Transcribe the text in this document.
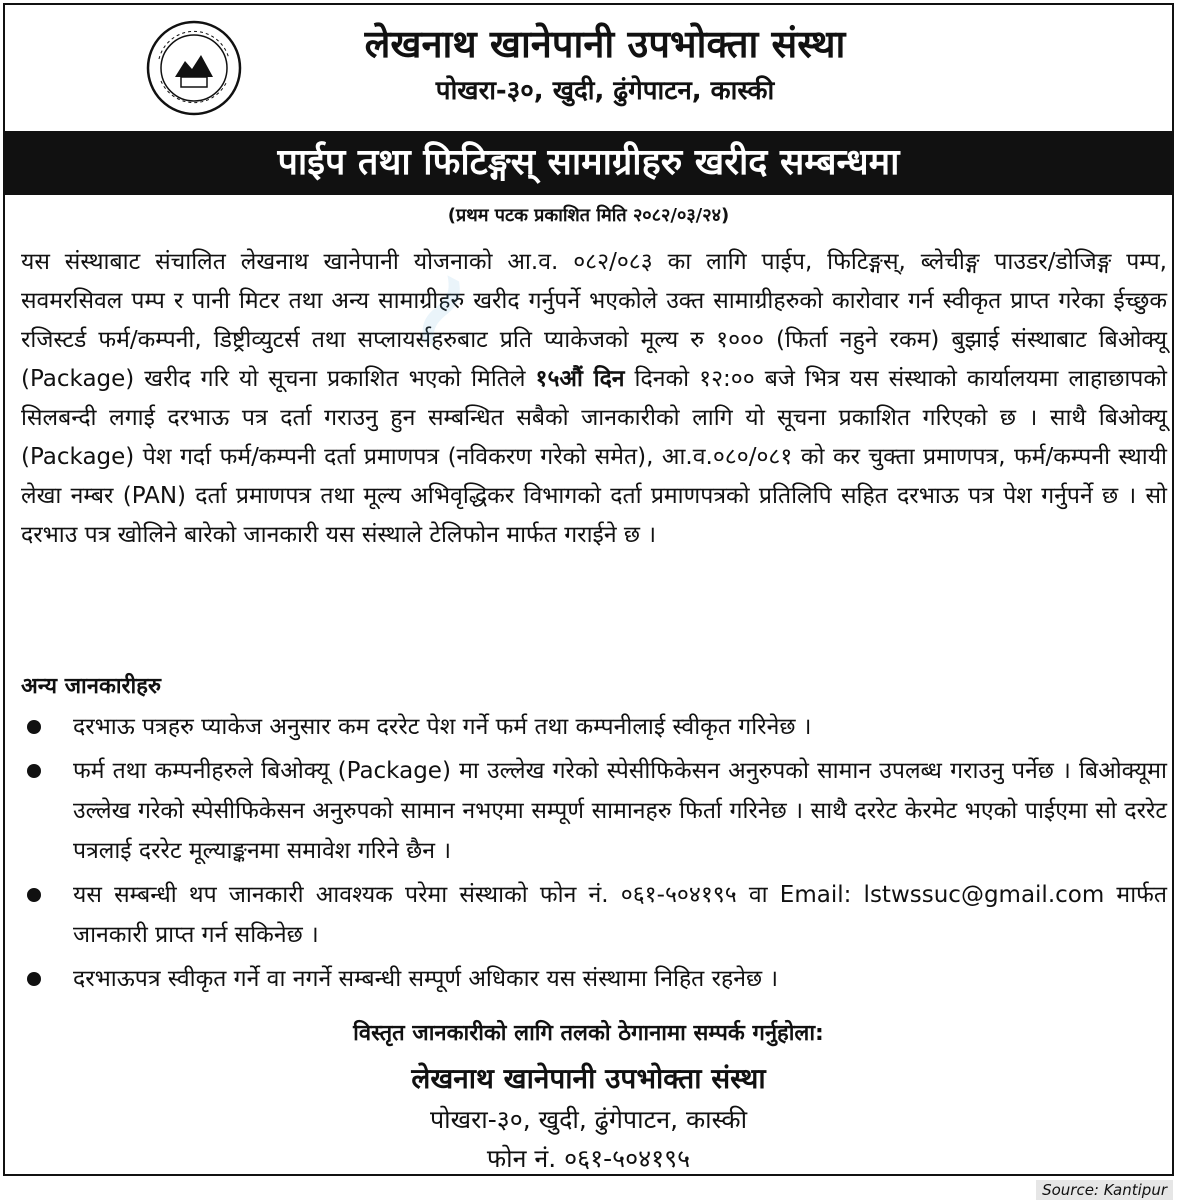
लेखनाथ खानेपानी उपभोक्ता संस्था
पोखरा-३०, खुदी, ढुंगेपाटन, कास्की
पाईप तथा फिटिङ्गस् सामाग्रीहरु खरीद सम्बन्धमा
(प्रथम पटक प्रकाशित मिति २०८२/०३/२४)

यस संस्थाबाट संचालित लेखनाथ खानेपानी योजनाको आ.व. ०८२/०८३ का लागि पाईप, फिटिङ्गस्, ब्लेचीङ्ग पाउडर/डोजिङ्ग पम्प, सवमरसिवल पम्प र पानी मिटर तथा अन्य सामाग्रीहरु खरीद गर्नुपर्ने भएकोले उक्त सामाग्रीहरुको कारोवार गर्न स्वीकृत प्राप्त गरेका ईच्छुक रजिस्टर्ड फर्म/कम्पनी, डिष्ट्रीव्युटर्स तथा सप्लायर्सहरुबाट प्रति प्याकेजको मूल्य रु १००० (फिर्ता नहुने रकम) बुझाई संस्थाबाट बिओक्यू (Package) खरीद गरि यो सूचना प्रकाशित भएको मितिले १५औं दिन दिनको १२:०० बजे भित्र यस संस्थाको कार्यालयमा लाहाछापको सिलबन्दी लगाई दरभाऊ पत्र दर्ता गराउनु हुन सम्बन्धित सबैको जानकारीको लागि यो सूचना प्रकाशित गरिएको छ । साथै बिओक्यू (Package) पेश गर्दा फर्म/कम्पनी दर्ता प्रमाणपत्र (नविकरण गरेको समेत), आ.व.०८०/०८१ को कर चुक्ता प्रमाणपत्र, फर्म/कम्पनी स्थायी लेखा नम्बर (PAN) दर्ता प्रमाणपत्र तथा मूल्य अभिवृद्धिकर विभागको दर्ता प्रमाणपत्रको प्रतिलिपि सहित दरभाऊ पत्र पेश गर्नुपर्ने छ । सो दरभाउ पत्र खोलिने बारेको जानकारी यस संस्थाले टेलिफोन मार्फत गराईने छ ।

अन्य जानकारीहरु
दरभाऊ पत्रहरु प्याकेज अनुसार कम दररेट पेश गर्ने फर्म तथा कम्पनीलाई स्वीकृत गरिनेछ ।
फर्म तथा कम्पनीहरुले बिओक्यू (Package) मा उल्लेख गरेको स्पेसीफिकेसन अनुरुपको सामान उपलब्ध गराउनु पर्नेछ । बिओक्यूमा उल्लेख गरेको स्पेसीफिकेसन अनुरुपको सामान नभएमा सम्पूर्ण सामानहरु फिर्ता गरिनेछ । साथै दररेट केरमेट भएको पाईएमा सो दररेट पत्रलाई दररेट मूल्याङ्कनमा समावेश गरिने छैन ।
यस सम्बन्धी थप जानकारी आवश्यक परेमा संस्थाको फोन नं. ०६१-५०४१९५ वा Email: lstwssuc@gmail.com मार्फत जानकारी प्राप्त गर्न सकिनेछ ।
दरभाऊपत्र स्वीकृत गर्ने वा नगर्ने सम्बन्धी सम्पूर्ण अधिकार यस संस्थामा निहित रहनेछ ।
विस्तृत जानकारीको लागि तलको ठेगानामा सम्पर्क गर्नुहोला:
लेखनाथ खानेपानी उपभोक्ता संस्था
पोखरा-३०, खुदी, ढुंगेपाटन, कास्की
फोन नं. ०६१-५०४१९५
~
Source: Kantipur
